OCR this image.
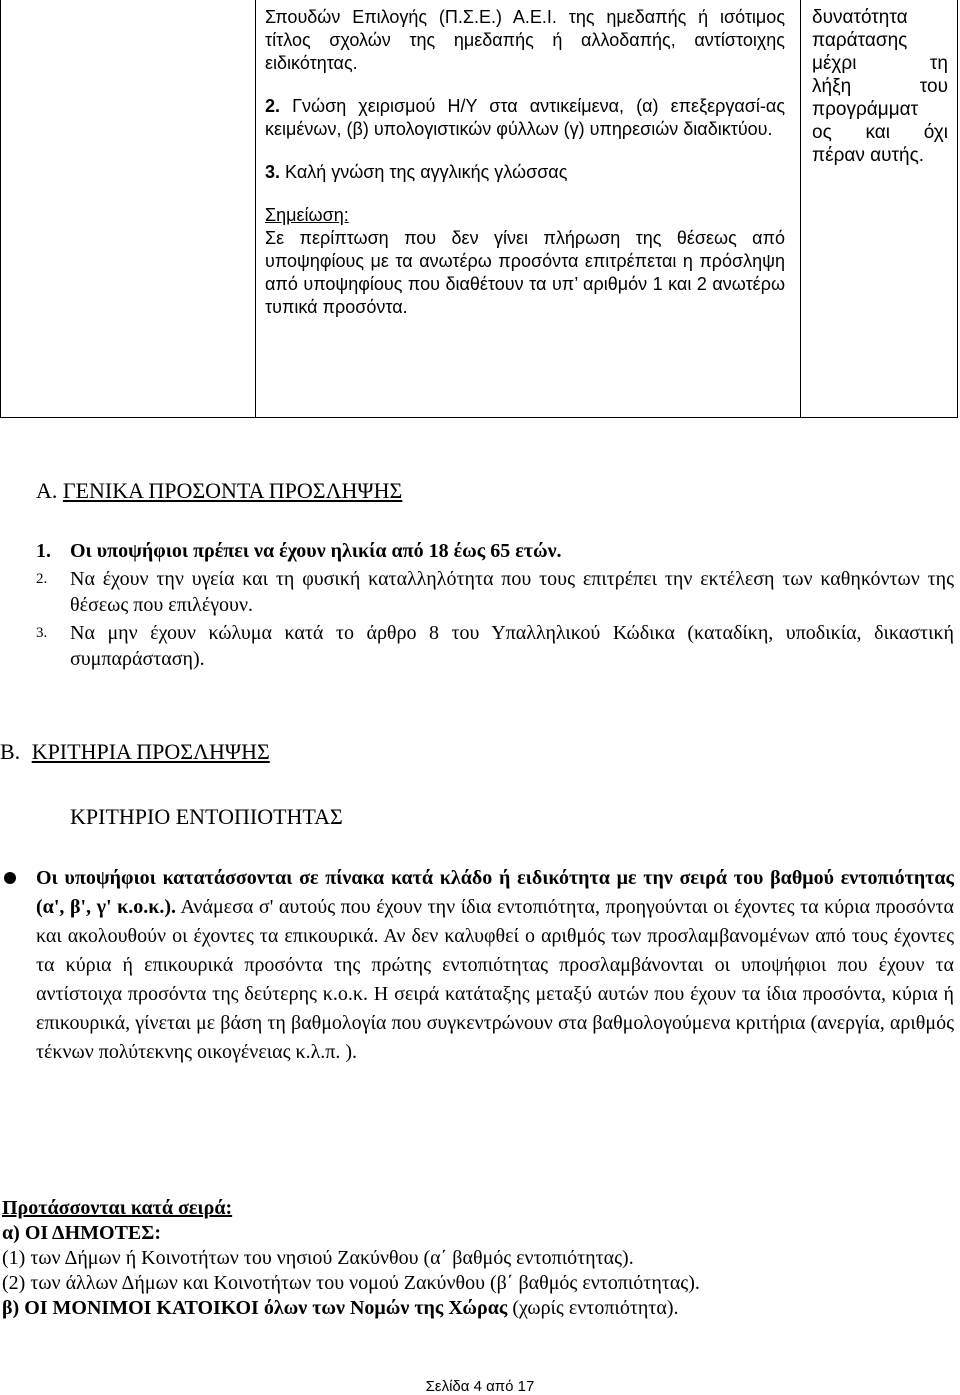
Σπουδών Επιλογής (Π.Σ.Ε.) Α.Ε.Ι. της ημεδαπής ή ισότιμος τίτλος σχολών της ημεδαπής ή αλλοδαπής, αντίστοιχης ειδικότητας.
2. Γνώση χειρισμού Η/Υ στα αντικείμενα, (α) επεξεργασί-ας κειμένων, (β) υπολογιστικών φύλλων (γ) υπηρεσιών διαδικτύου.
3. Καλή γνώση της αγγλικής γλώσσας
Σημείωση:
Σε περίπτωση που δεν γίνει πλήρωση της θέσεως από υποψηφίους με τα ανωτέρω προσόντα επιτρέπεται η πρόσληψη από υποψηφίους που διαθέτουν τα υπ’ αριθμόν 1 και 2 ανωτέρω τυπικά προσόντα.
δυνατότητα
παράτασης
μέχρι τη
λήξη του
προγράμματ
ος και όχι
πέραν αυτής.
Α. ΓΕΝΙΚΑ ΠΡΟΣΟΝΤΑ ΠΡΟΣΛΗΨΗΣ
1. Οι υποψήφιοι πρέπει να έχουν ηλικία από 18 έως 65 ετών.
2. Να έχουν την υγεία και τη φυσική καταλληλότητα που τους επιτρέπει την εκτέλεση των καθηκόντων της θέσεως που επιλέγουν.
3. Να μην έχουν κώλυμα κατά το άρθρο 8 του Υπαλληλικού Κώδικα (καταδίκη, υποδικία, δικαστική συμπαράσταση).
Β. ΚΡΙΤΗΡΙΑ ΠΡΟΣΛΗΨΗΣ
ΚΡΙΤΗΡΙΟ ΕΝΤΟΠΙΟΤΗΤΑΣ
Οι υποψήφιοι κατατάσσονται σε πίνακα κατά κλάδο ή ειδικότητα με την σειρά του βαθμού εντοπιότητας (α', β', γ' κ.ο.κ.). Ανάμεσα σ' αυτούς που έχουν την ίδια εντοπιότητα, προηγούνται οι έχοντες τα κύρια προσόντα και ακολουθούν οι έχοντες τα επικουρικά. Αν δεν καλυφθεί ο αριθμός των προσλαμβανομένων από τους έχοντες τα κύρια ή επικουρικά προσόντα της πρώτης εντοπιότητας προσλαμβάνονται οι υποψήφιοι που έχουν τα αντίστοιχα προσόντα της δεύτερης κ.ο.κ. Η σειρά κατάταξης μεταξύ αυτών που έχουν τα ίδια προσόντα, κύρια ή επικουρικά, γίνεται με βάση τη βαθμολογία που συγκεντρώνουν στα βαθμολογούμενα κριτήρια (ανεργία, αριθμός τέκνων πολύτεκνης οικογένειας κ.λ.π. ).
Προτάσσονται κατά σειρά:
α) ΟΙ ΔΗΜΟΤΕΣ:
(1) των Δήμων ή Κοινοτήτων του νησιού Ζακύνθου (α΄ βαθμός εντοπιότητας).
(2) των άλλων Δήμων και Κοινοτήτων του νομού Ζακύνθου (β΄ βαθμός εντοπιότητας).
β) ΟΙ ΜΟΝΙΜΟΙ ΚΑΤΟΙΚΟΙ όλων των Νομών της Χώρας (χωρίς εντοπιότητα).
Σελίδα 4 από 17
